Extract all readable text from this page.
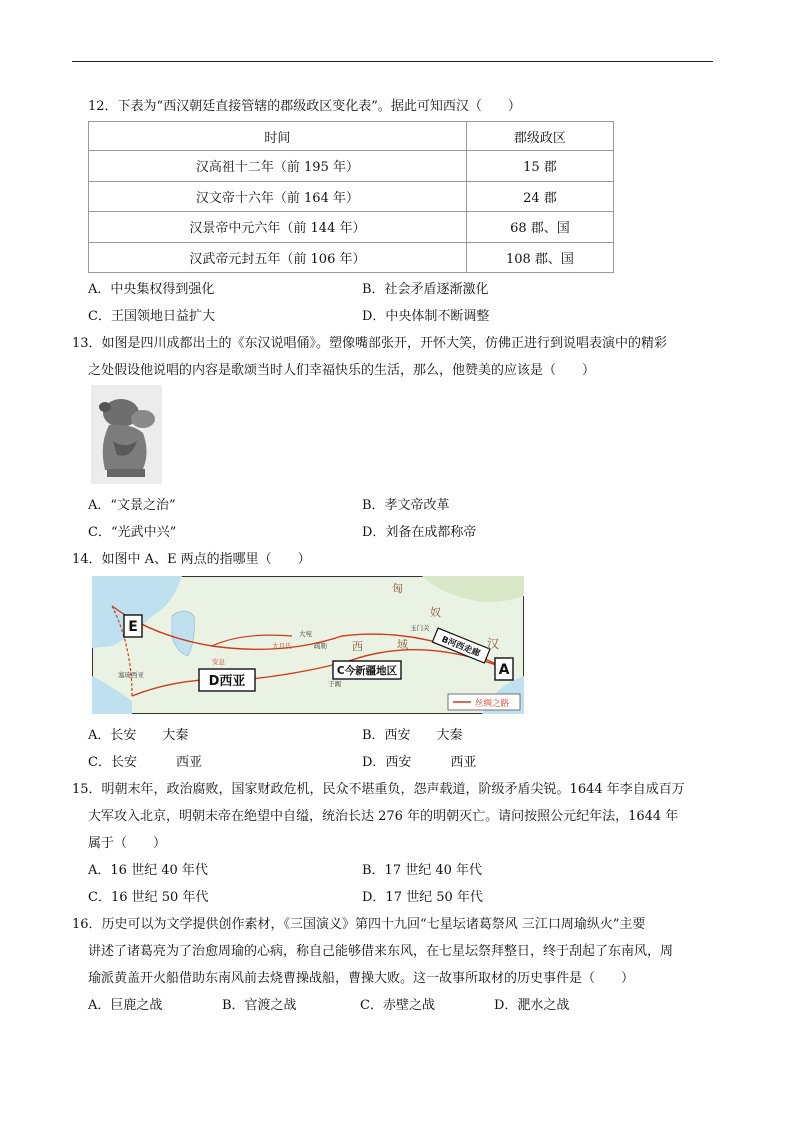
12．下表为“西汉朝廷直接管辖的郡级政区变化表”。据此可知西汉（　　）
时间	郡级政区
汉高祖十二年（前 195 年）	15 郡
汉文帝十六年（前 164 年）	24 郡
汉景帝中元六年（前 144 年）	68 郡、国
汉武帝元封五年（前 106 年）	108 郡、国
A．中央集权得到强化	B．社会矛盾逐渐激化
C．王国领地日益扩大	D．中央体制不断调整
13．如图是四川成都出土的《东汉说唱俑》。塑像嘴部张开，开怀大笑，仿佛正进行到说唱表演中的精彩
之处假设他说唱的内容是歌颂当时人们幸福快乐的生活，那么，他赞美的应该是（　　）
A．“文景之治”	B．孝文帝改革
C．“光武中兴”	D．刘备在成都称帝
14．如图中 A、E 两点的指哪里（　　）
E
A
D西亚
C今新疆地区
B河西走廊
匈
奴
汉
西	域
玉门关
大宛
塞琉西亚
大月氏	疏勒
于阗
安息
丝绸之路
A．长安　　大秦	B．西安　　大秦
C．长安　　　西亚	D．西安　　　西亚
15．明朝末年，政治腐败，国家财政危机，民众不堪重负，怨声载道，阶级矛盾尖锐。1644 年李自成百万
大军攻入北京，明朝末帝在绝望中自缢，统治长达 276 年的明朝灭亡。请问按照公元纪年法，1644 年
属于（　　）
A．16 世纪 40 年代	B．17 世纪 40 年代
C．16 世纪 50 年代	D．17 世纪 50 年代
16．历史可以为文学提供创作素材，《三国演义》第四十九回“七星坛诸葛祭风 三江口周瑜纵火”主要
讲述了诸葛亮为了治愈周瑜的心病，称自己能够借来东风，在七星坛祭拜整日，终于刮起了东南风，周
瑜派黄盖开火船借助东南风前去烧曹操战船，曹操大败。这一故事所取材的历史事件是（　　）
A．巨鹿之战	B．官渡之战	C．赤壁之战	D．淝水之战
